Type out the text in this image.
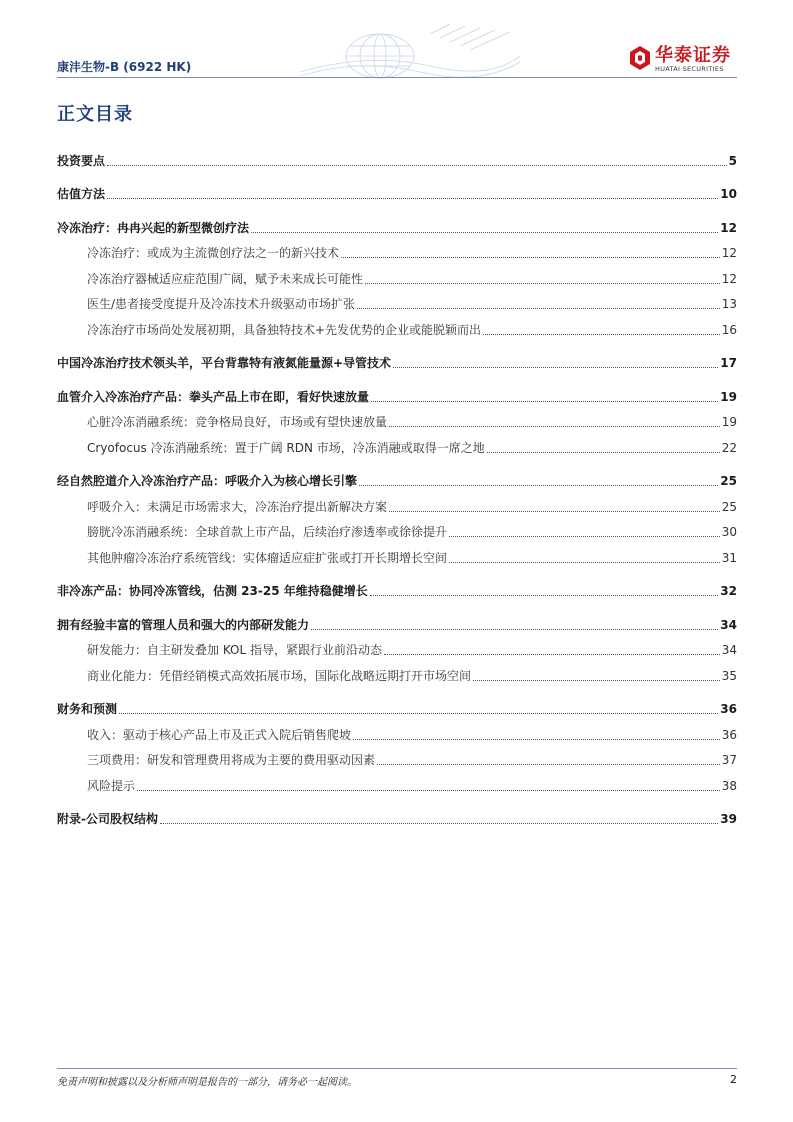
康沣生物-B (6922 HK)
华泰证券
HUATAI SECURITIES
正文目录
投资要点	5
估值方法	10
冷冻治疗：冉冉兴起的新型微创疗法	12
冷冻治疗：或成为主流微创疗法之一的新兴技术	12
冷冻治疗器械适应症范围广阔，赋予未来成长可能性	12
医生/患者接受度提升及冷冻技术升级驱动市场扩张	13
冷冻治疗市场尚处发展初期，具备独特技术+先发优势的企业或能脱颖而出	16
中国冷冻治疗技术领头羊，平台背靠特有液氮能量源+导管技术	17
血管介入冷冻治疗产品：拳头产品上市在即，看好快速放量	19
心脏冷冻消融系统：竞争格局良好，市场或有望快速放量	19
Cryofocus 冷冻消融系统：置于广阔 RDN 市场，冷冻消融或取得一席之地	22
经自然腔道介入冷冻治疗产品：呼吸介入为核心增长引擎	25
呼吸介入：未满足市场需求大，冷冻治疗提出新解决方案	25
膀胱冷冻消融系统：全球首款上市产品，后续治疗渗透率或徐徐提升	30
其他肿瘤冷冻治疗系统管线：实体瘤适应症扩张或打开长期增长空间	31
非冷冻产品：协同冷冻管线，估测 23-25 年维持稳健增长	32
拥有经验丰富的管理人员和强大的内部研发能力	34
研发能力：自主研发叠加 KOL 指导，紧跟行业前沿动态	34
商业化能力：凭借经销模式高效拓展市场，国际化战略远期打开市场空间	35
财务和预测	36
收入：驱动于核心产品上市及正式入院后销售爬坡	36
三项费用：研发和管理费用将成为主要的费用驱动因素	37
风险提示	38
附录-公司股权结构	39
免责声明和披露以及分析师声明是报告的一部分，请务必一起阅读。	2
